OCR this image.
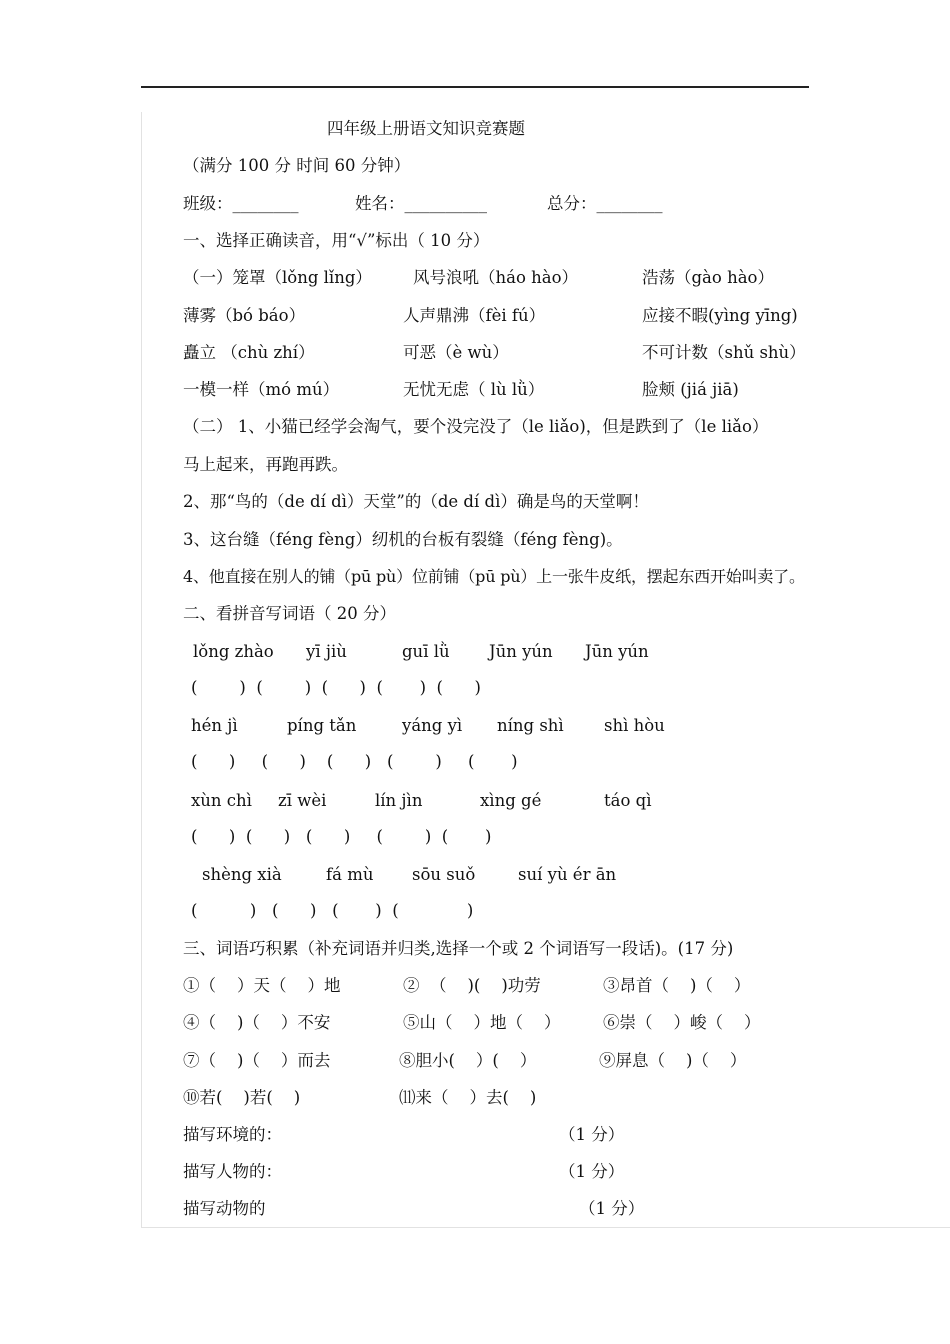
四年级上册语文知识竞赛题
（满分 100 分 时间 60 分钟）
班级：________	姓名：__________	总分：________
一、选择正确读音，用“√”标出（ 10 分）
（一）笼罩（lǒng lǐng） 风号浪吼（háo hào）	浩荡（gào hào）
薄雾（bó báo）	人声鼎沸（fèi fú）	应接不暇(yìng yīng)
矗立 （chù zhí）	可恶（è wù）	不可计数（shǔ shù）
一模一样（mó mú）	无忧无虑（ lù lǜ）	脸颊 (jiá jiā)
（二） 1、小猫已经学会淘气，要个没完没了（le liǎo)，但是跌到了（le liǎo）
马上起来，再跑再跌。
2、那“鸟的（de dí dì）天堂”的（de dí dì）确是鸟的天堂啊！
3、这台缝（féng fèng）纫机的台板有裂缝（féng fèng)。
4、他直接在别人的铺（pū pù）位前铺（pū pù）上一张牛皮纸，摆起东西开始叫卖了。
二、看拼音写词语（ 20 分）
lǒng zhào yī jiù	guī lǜ Jūn yún Jūn yún
(        )  (        )  (      )  (       )  (      )
hén jì	píng tǎn	yáng yì níng shì shì hòu
(      )     (      )    (      )   (        )     (       )
xùn chì zī wèi	lín jìn	xìng gé	táo qì
(      )  (      )   (      )     (        )  (       )
shèng xià	fá mù sōu suǒ	suí yù ér ān
(          )   (      )   (       )  (             )
三、词语巧积累（补充词语并归类,选择一个或 2 个词语写一段话)。(17 分)
①（    ）天（    ）地	②  （    )(    )功劳	③昂首（    )（    ）
④（    )（    ）不安	⑤山（    ）地（    ）	⑥崇（    ）峻（    ）
⑦（    )（    ）而去	⑧胆小(    ）(    ）	⑨屏息（    )（    ）
⑩若(    )若(    )	⑾来（    ）去(    )
描写环境的：	（1 分）
描写人物的：	（1 分）
描写动物的	（1 分）
